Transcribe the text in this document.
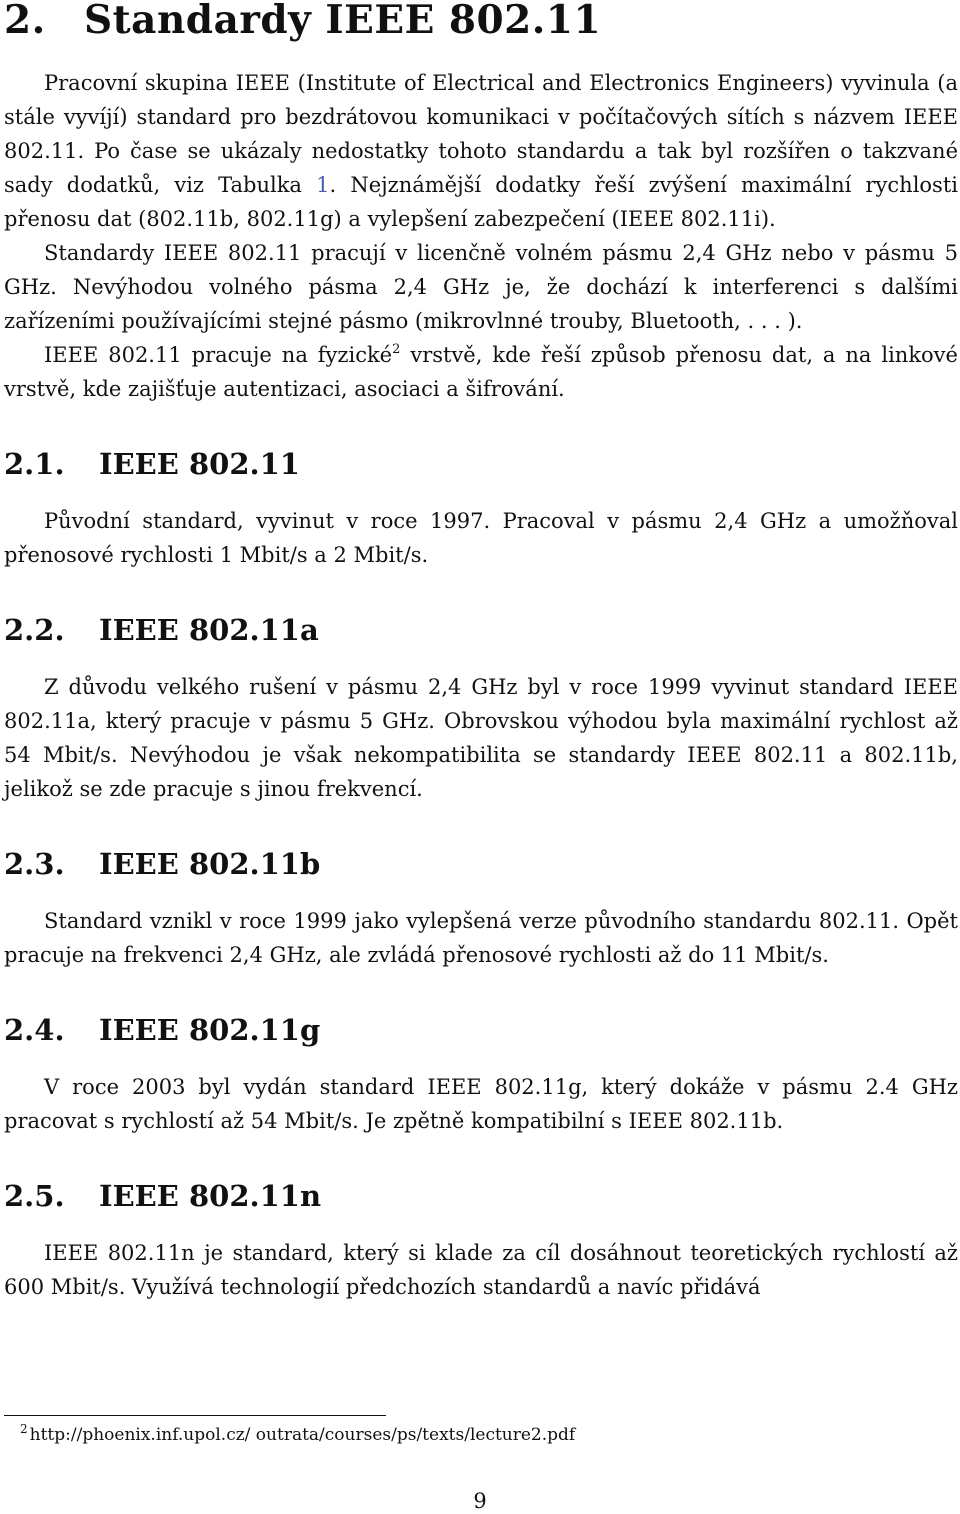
2. Standardy IEEE 802.11

Pracovní skupina IEEE (Institute of Electrical and Electronics Engineers) vyvinula (a stále vyvíjí) standard pro bezdrátovou komunikaci v počítačových sítích s názvem IEEE 802.11. Po čase se ukázaly nedostatky tohoto standardu a tak byl rozšířen o takzvané sady dodatků, viz Tabulka 1. Nejznámější dodatky řeší zvýšení maximální rychlosti přenosu dat (802.11b, 802.11g) a vylepšení zabezpečení (IEEE 802.11i).

Standardy IEEE 802.11 pracují v licenčně volném pásmu 2,4 GHz nebo v pásmu 5 GHz. Nevýhodou volného pásma 2,4 GHz je, že dochází k interferenci s dalšími zařízeními používajícími stejné pásmo (mikrovlnné trouby, Bluetooth, . . . ).

IEEE 802.11 pracuje na fyzické$^2$ vrstvě, kde řeší způsob přenosu dat, a na linkové vrstvě, kde zajišťuje autentizaci, asociaci a šifrování.

2.1. IEEE 802.11

Původní standard, vyvinut v roce 1997. Pracoval v pásmu 2,4 GHz a umožňoval přenosové rychlosti 1 Mbit/s a 2 Mbit/s.

2.2. IEEE 802.11a

Z důvodu velkého rušení v pásmu 2,4 GHz byl v roce 1999 vyvinut standard IEEE 802.11a, který pracuje v pásmu 5 GHz. Obrovskou výhodou byla maximální rychlost až 54 Mbit/s. Nevýhodou je však nekompatibilita se standardy IEEE 802.11 a 802.11b, jelikož se zde pracuje s jinou frekvencí.

2.3. IEEE 802.11b

Standard vznikl v roce 1999 jako vylepšená verze původního standardu 802.11. Opět pracuje na frekvenci 2,4 GHz, ale zvládá přenosové rychlosti až do 11 Mbit/s.

2.4. IEEE 802.11g

V roce 2003 byl vydán standard IEEE 802.11g, který dokáže v pásmu 2.4 GHz pracovat s rychlostí až 54 Mbit/s. Je zpětně kompatibilní s IEEE 802.11b.

2.5. IEEE 802.11n

IEEE 802.11n je standard, který si klade za cíl dosáhnout teoretických rychlostí až 600 Mbit/s. Využívá technologií předchozích standardů a navíc přidává

$^2$ http://phoenix.inf.upol.cz/ outrata/courses/ps/texts/lecture2.pdf
9
